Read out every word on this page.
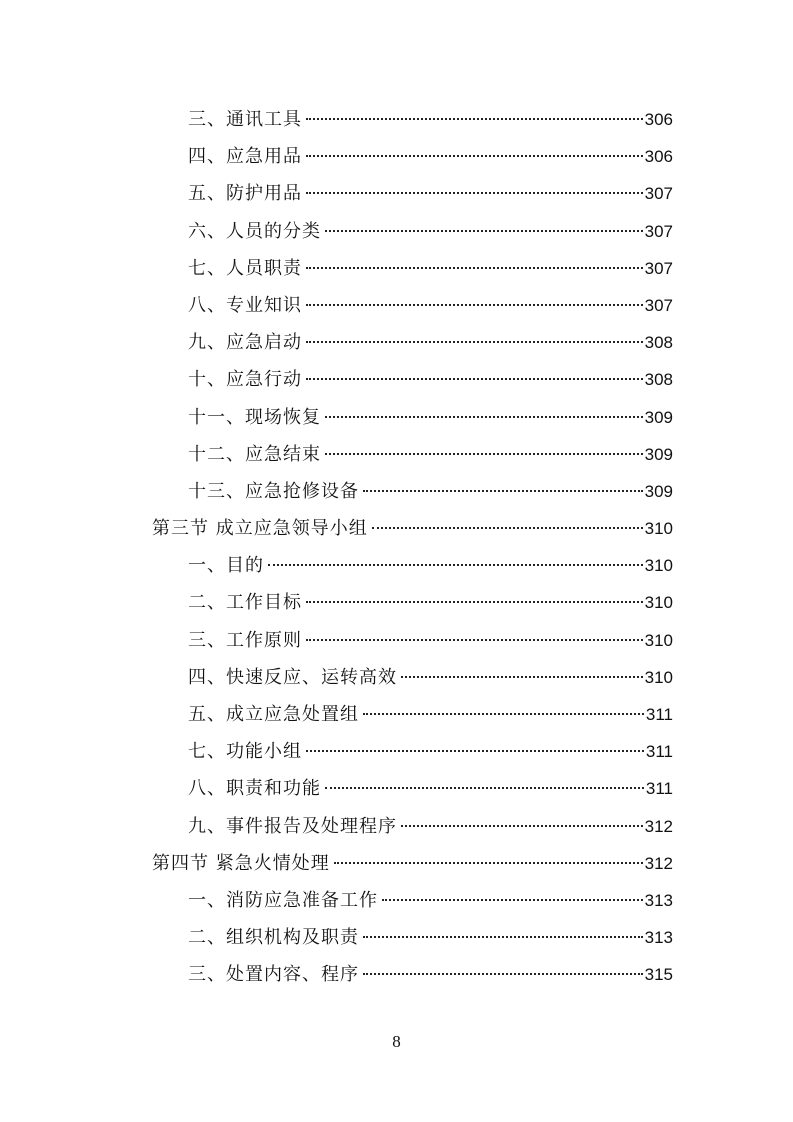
三、通讯工具	306
四、应急用品	306
五、防护用品	307
六、人员的分类	307
七、人员职责	307
八、专业知识	307
九、应急启动	308
十、应急行动	308
十一、现场恢复	309
十二、应急结束	309
十三、应急抢修设备	309
第三节 成立应急领导小组	310
一、目的	310
二、工作目标	310
三、工作原则	310
四、快速反应、运转高效	310
五、成立应急处置组	311
七、功能小组	311
八、职责和功能	311
九、事件报告及处理程序	312
第四节 紧急火情处理	312
一、消防应急准备工作	313
二、组织机构及职责	313
三、处置内容、程序	315
8
